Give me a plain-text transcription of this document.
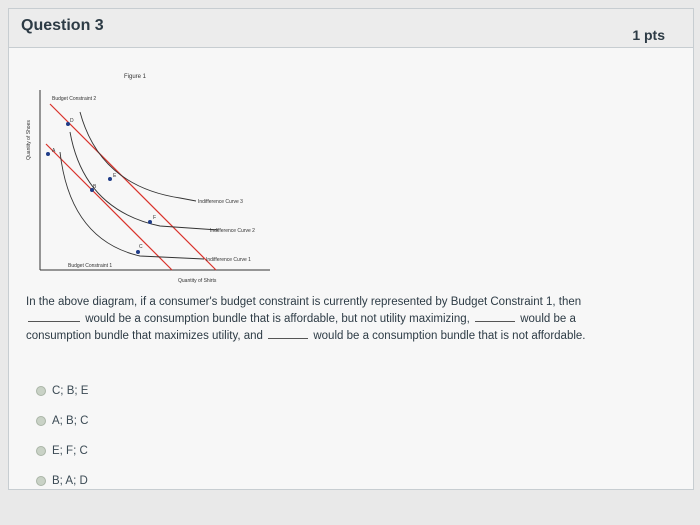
Question 3
1 pts
Figure 1
Quantity of Shoes
Quantity of Shirts
Indifference Curve 3
Indifference Curve 2
Indifference Curve 1
Budget Constraint 2
Budget Constraint 1
A
B
C
D
E
F
In the above diagram, if a consumer's budget constraint is currently represented by Budget Constraint 1, then
would be a consumption bundle that is affordable, but not utility maximizing,	would be a
consumption bundle that maximizes utility, and	would be a consumption bundle that is not affordable.
C; B; E
A; B; C
E; F; C
B; A; D
